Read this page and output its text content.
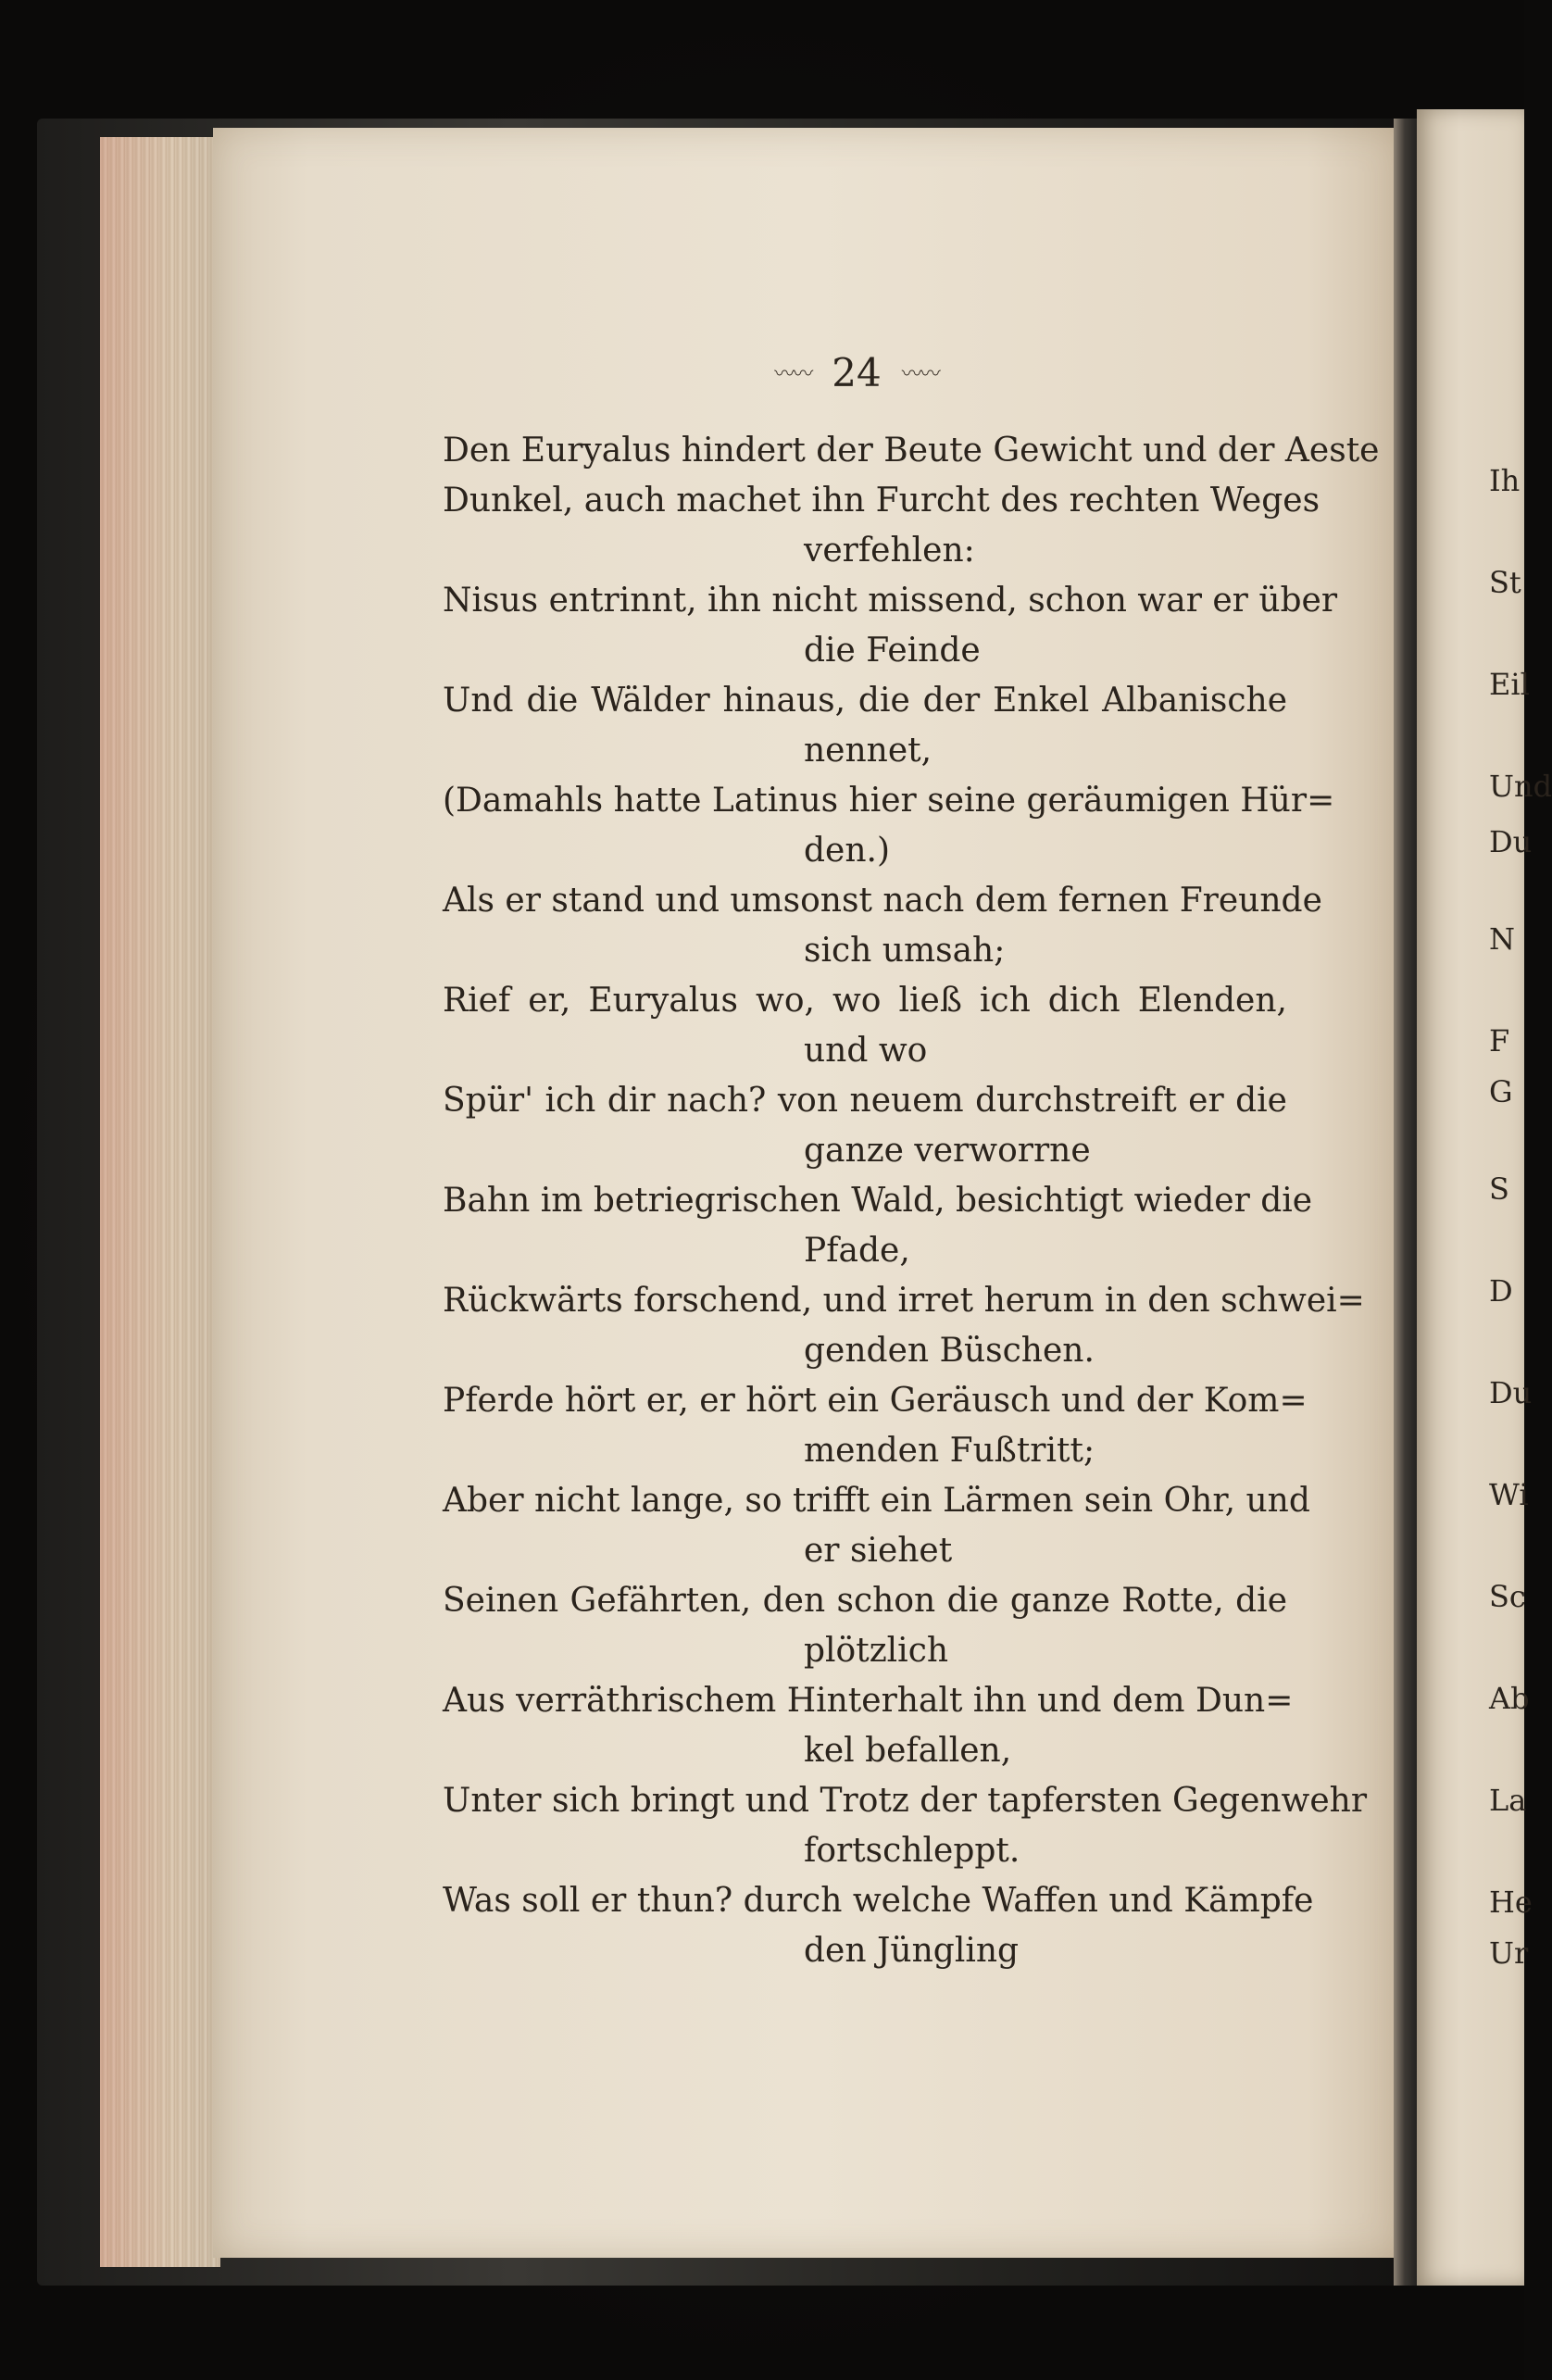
〰〰 24 〰〰
Den Euryalus hindert der Beute Gewicht und der Aeste
Dunkel, auch machet ihn Furcht des rechten Weges
verfehlen:
Nisus entrinnt, ihn nicht missend, schon war er über
die Feinde
Und die Wälder hinaus, die der Enkel Albanische
nennet,
(Damahls hatte Latinus hier seine geräumigen Hür=
den.)
Als er stand und umsonst nach dem fernen Freunde
sich umsah;
Rief er, Euryalus wo, wo ließ ich dich Elenden,
und wo
Spür' ich dir nach? von neuem durchstreift er die
ganze verworrne
Bahn im betriegrischen Wald, besichtigt wieder die
Pfade,
Rückwärts forschend, und irret herum in den schwei=
genden Büschen.
Pferde hört er, er hört ein Geräusch und der Kom=
menden Fußtritt;
Aber nicht lange, so trifft ein Lärmen sein Ohr, und
er siehet
Seinen Gefährten, den schon die ganze Rotte, die
plötzlich
Aus verräthrischem Hinterhalt ihn und dem Dun=
kel befallen,
Unter sich bringt und Trotz der tapfersten Gegenwehr
fortschleppt.
Was soll er thun? durch welche Waffen und Kämpfe
den Jüngling
Ih
St
Eil
Und
Du
N
F
G
S
D
Du
Wi
Sc
Ab
La
He
Ur
